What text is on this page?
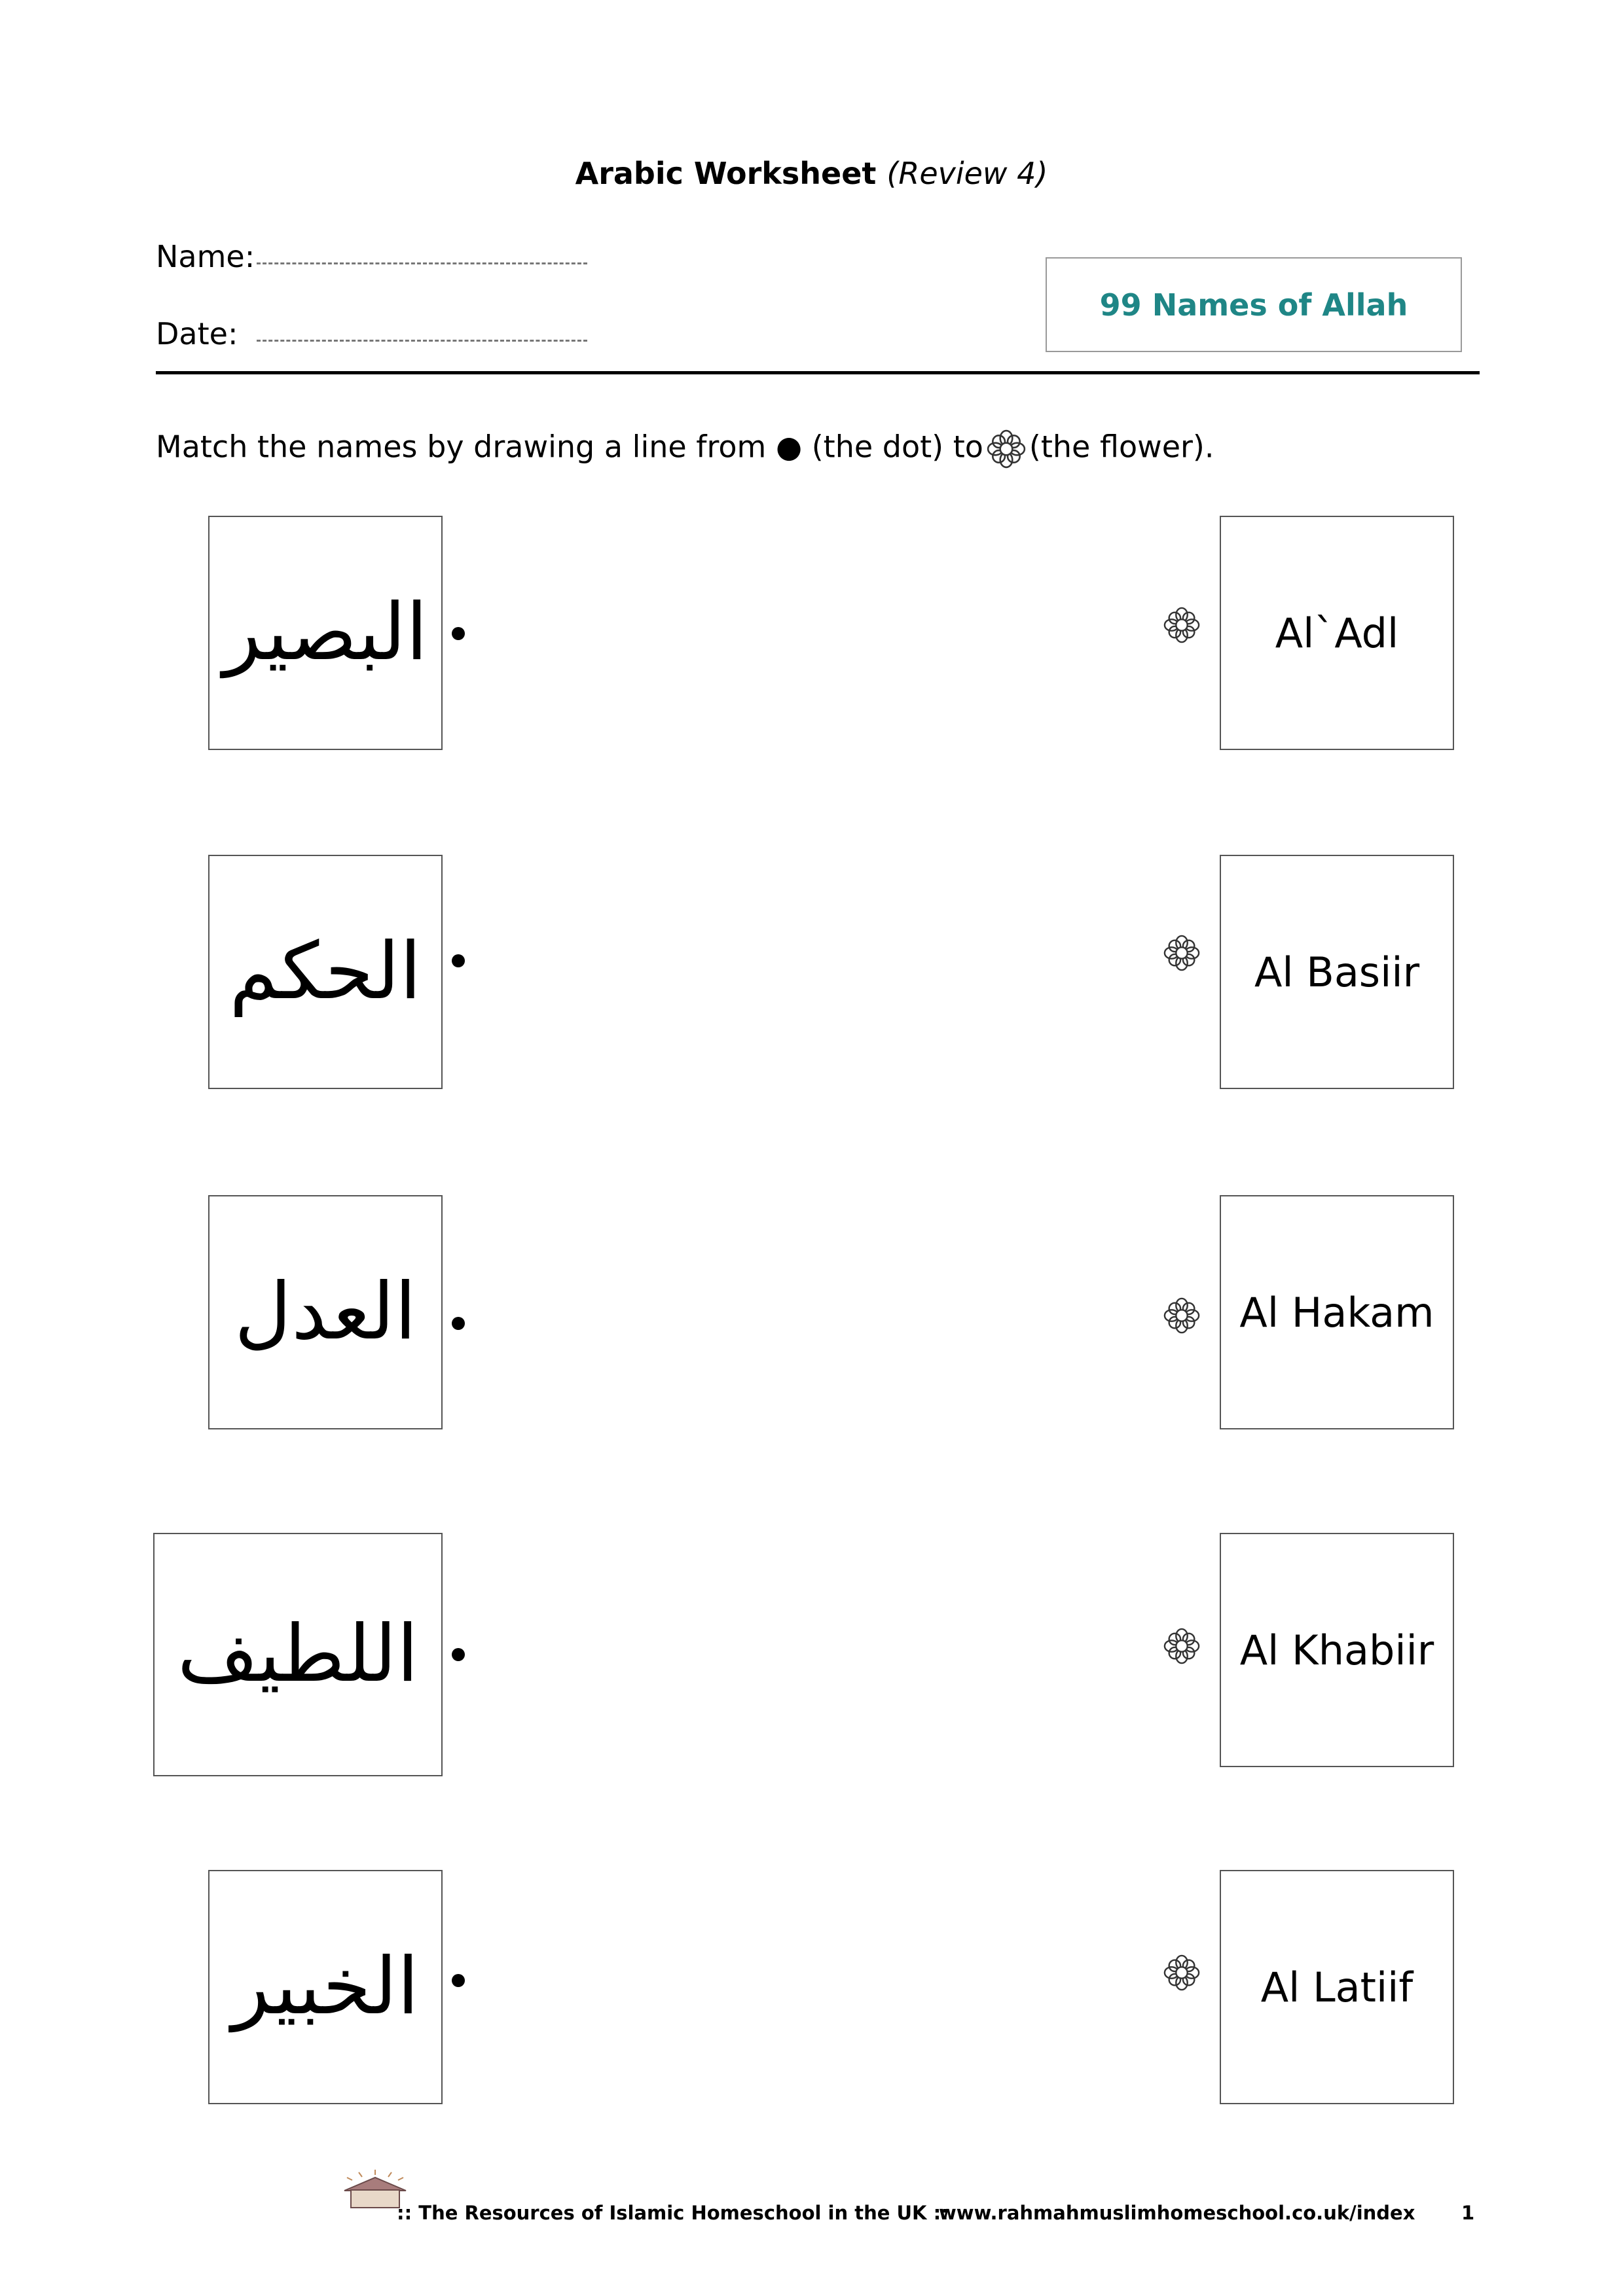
Arabic Worksheet (Review 4)
Name:
Date:
99 Names of Allah
Match the names by drawing a line from ● (the dot) to (the flower).
البصير	Al`Adl
الحكم	Al Basiir
العدل	Al Hakam
اللطيف	Al Khabiir
الخبير	Al Latiif
:: The Resources of Islamic Homeschool in the UK ::
www.rahmahmuslimhomeschool.co.uk/index 1
